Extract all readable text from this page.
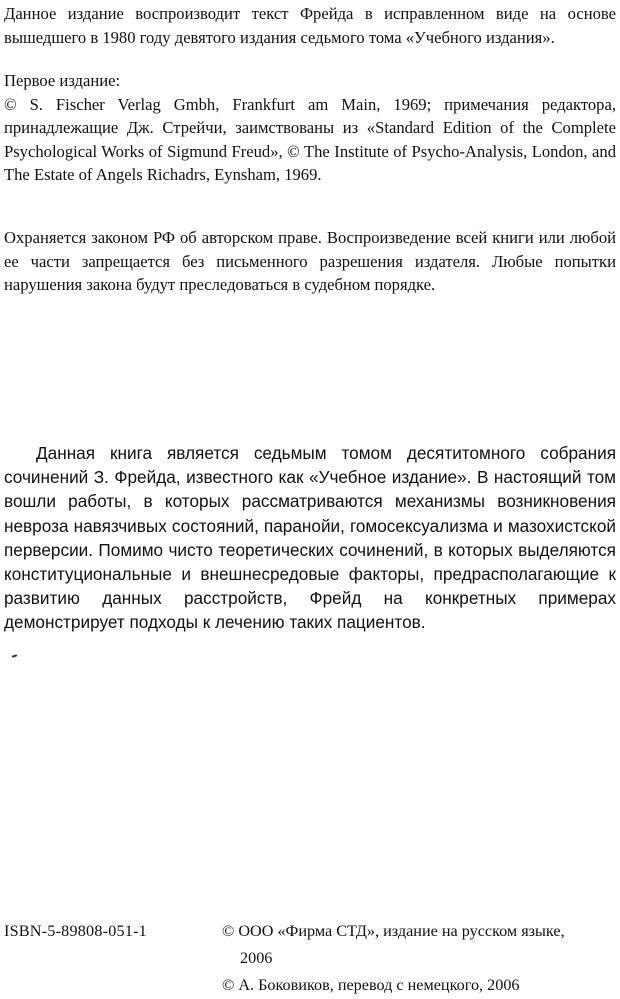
Данное издание воспроизводит текст Фрейда в исправленном виде на основе вышедшего в 1980 году девятого издания седьмого тома «Учебного издания».

Первое издание:

© S. Fischer Verlag Gmbh, Frankfurt am Main, 1969; примечания редактора, принадлежащие Дж. Стрейчи, заимствованы из «Standard Edition of the Complete Psychological Works of Sigmund Freud», © The Institute of Psycho-Analysis, London, and The Estate of Angels Richadrs, Eynsham, 1969.

Охраняется законом РФ об авторском праве. Воспроизведение всей книги или любой ее части запрещается без письменного разрешения издателя. Любые попытки нарушения закона будут преследоваться в судебном порядке.

Данная книга является седьмым томом десятитомного собрания сочинений З. Фрейда, известного как «Учебное издание». В настоящий том вошли работы, в которых рассматриваются механизмы возникновения невроза навязчивых состояний, паранойи, гомосексуализма и мазохистской перверсии. Помимо чисто теоретических сочинений, в которых выделяются конституциональные и внешнесредовые факторы, предрасполагающие к развитию данных расстройств, Фрейд на конкретных примерах демонстрирует подходы к лечению таких пациентов.

ISBN-5-89808-051-1	© ООО «Фирма СТД», издание на русском языке,
2006
© А. Боковиков, перевод с немецкого, 2006
